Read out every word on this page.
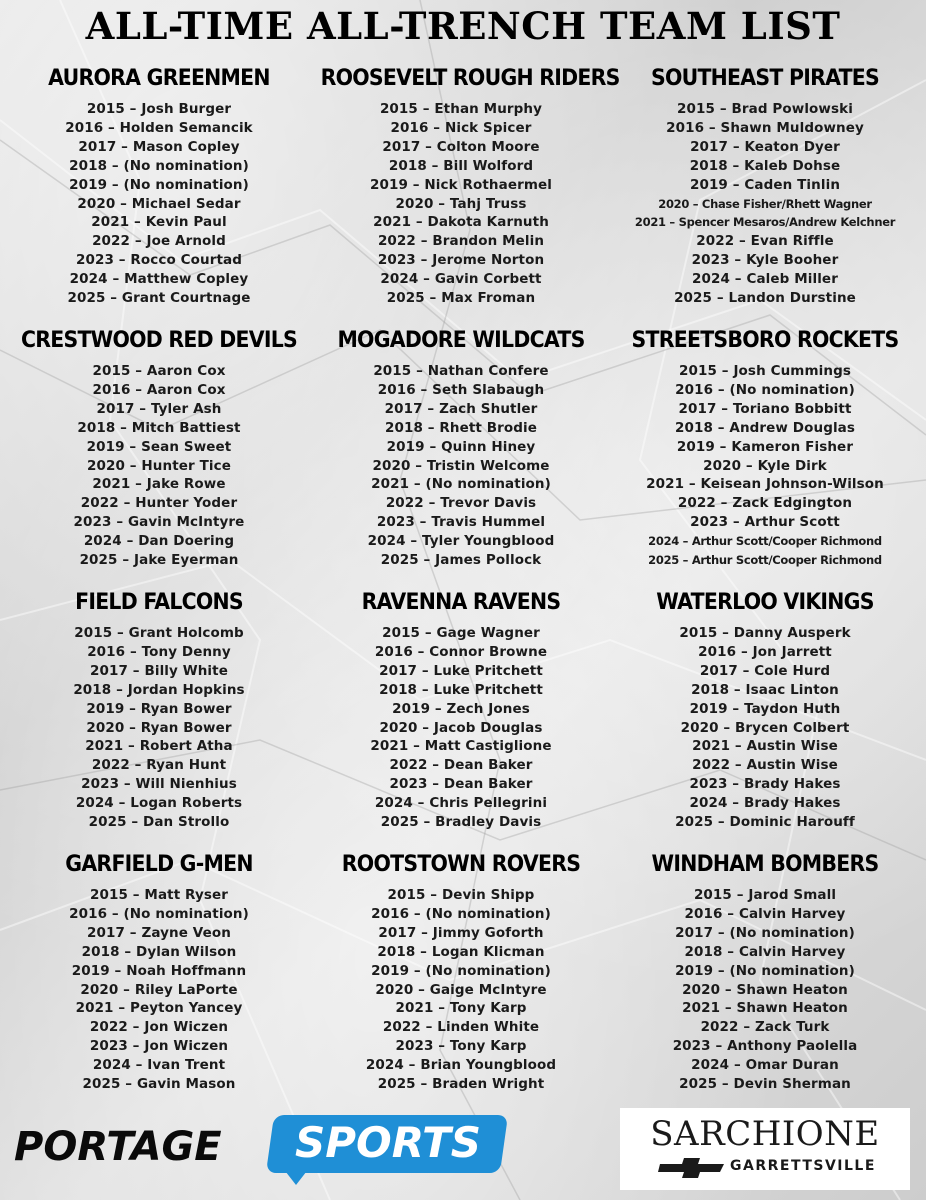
ALL-TIME ALL-TRENCH TEAM LIST
AURORA GREENMEN
2015 – Josh Burger
2016 – Holden Semancik
2017 – Mason Copley
2018 – (No nomination)
2019 – (No nomination)
2020 – Michael Sedar
2021 – Kevin Paul
2022 – Joe Arnold
2023 – Rocco Courtad
2024 – Matthew Copley
2025 – Grant Courtnage
ROOSEVELT ROUGH RIDERS
2015 – Ethan Murphy
2016 – Nick Spicer
2017 – Colton Moore
2018 – Bill Wolford
2019 – Nick Rothaermel
2020 – Tahj Truss
2021 – Dakota Karnuth
2022 – Brandon Melin
2023 – Jerome Norton
2024 – Gavin Corbett
2025 – Max Froman
SOUTHEAST PIRATES
2015 – Brad Powlowski
2016 – Shawn Muldowney
2017 – Keaton Dyer
2018 – Kaleb Dohse
2019 – Caden Tinlin
2020 – Chase Fisher/Rhett Wagner
2021 – Spencer Mesaros/Andrew Kelchner
2022 – Evan Riffle
2023 – Kyle Booher
2024 – Caleb Miller
2025 – Landon Durstine
CRESTWOOD RED DEVILS
2015 – Aaron Cox
2016 – Aaron Cox
2017 – Tyler Ash
2018 – Mitch Battiest
2019 – Sean Sweet
2020 – Hunter Tice
2021 – Jake Rowe
2022 – Hunter Yoder
2023 – Gavin McIntyre
2024 – Dan Doering
2025 – Jake Eyerman
MOGADORE WILDCATS
2015 – Nathan Confere
2016 – Seth Slabaugh
2017 – Zach Shutler
2018 – Rhett Brodie
2019 – Quinn Hiney
2020 – Tristin Welcome
2021 – (No nomination)
2022 – Trevor Davis
2023 – Travis Hummel
2024 – Tyler Youngblood
2025 – James Pollock
STREETSBORO ROCKETS
2015 – Josh Cummings
2016 – (No nomination)
2017 – Toriano Bobbitt
2018 – Andrew Douglas
2019 – Kameron Fisher
2020 – Kyle Dirk
2021 – Keisean Johnson-Wilson
2022 – Zack Edgington
2023 – Arthur Scott
2024 – Arthur Scott/Cooper Richmond
2025 – Arthur Scott/Cooper Richmond
FIELD FALCONS
2015 – Grant Holcomb
2016 – Tony Denny
2017 – Billy White
2018 – Jordan Hopkins
2019 – Ryan Bower
2020 – Ryan Bower
2021 – Robert Atha
2022 – Ryan Hunt
2023 – Will Nienhius
2024 – Logan Roberts
2025 – Dan Strollo
RAVENNA RAVENS
2015 – Gage Wagner
2016 – Connor Browne
2017 – Luke Pritchett
2018 – Luke Pritchett
2019 – Zech Jones
2020 – Jacob Douglas
2021 – Matt Castiglione
2022 – Dean Baker
2023 – Dean Baker
2024 – Chris Pellegrini
2025 – Bradley Davis
WATERLOO VIKINGS
2015 – Danny Ausperk
2016 – Jon Jarrett
2017 – Cole Hurd
2018 – Isaac Linton
2019 – Taydon Huth
2020 – Brycen Colbert
2021 – Austin Wise
2022 – Austin Wise
2023 – Brady Hakes
2024 – Brady Hakes
2025 – Dominic Harouff
GARFIELD G-MEN
2015 – Matt Ryser
2016 – (No nomination)
2017 – Zayne Veon
2018 – Dylan Wilson
2019 – Noah Hoffmann
2020 – Riley LaPorte
2021 – Peyton Yancey
2022 – Jon Wiczen
2023 – Jon Wiczen
2024 – Ivan Trent
2025 – Gavin Mason
ROOTSTOWN ROVERS
2015 – Devin Shipp
2016 – (No nomination)
2017 – Jimmy Goforth
2018 – Logan Klicman
2019 – (No nomination)
2020 – Gaige McIntyre
2021 – Tony Karp
2022 – Linden White
2023 – Tony Karp
2024 – Brian Youngblood
2025 – Braden Wright
WINDHAM BOMBERS
2015 – Jarod Small
2016 – Calvin Harvey
2017 – (No nomination)
2018 – Calvin Harvey
2019 – (No nomination)
2020 – Shawn Heaton
2021 – Shawn Heaton
2022 – Zack Turk
2023 – Anthony Paolella
2024 – Omar Duran
2025 – Devin Sherman
PORTAGE	SPORTS	SARCHIONE
GARRETTSVILLE
